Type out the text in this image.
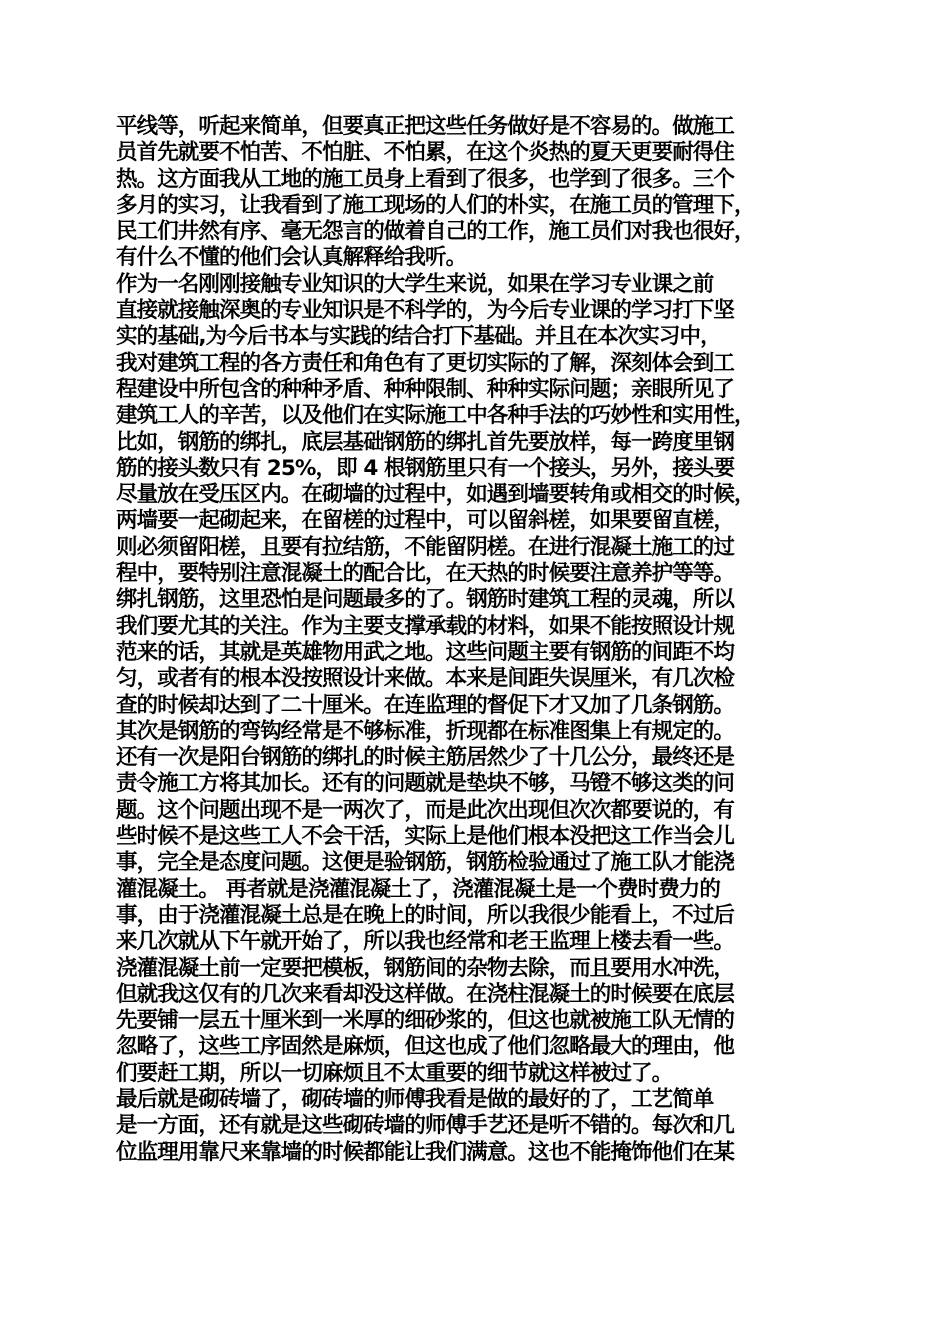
平线等，听起来简单，但要真正把这些任务做好是不容易的。做施工
员首先就要不怕苦、不怕脏、不怕累，在这个炎热的夏天更要耐得住
热。这方面我从工地的施工员身上看到了很多，也学到了很多。三个
多月的实习，让我看到了施工现场的人们的朴实，在施工员的管理下，
民工们井然有序、毫无怨言的做着自己的工作，施工员们对我也很好，
有什么不懂的他们会认真解释给我听。
作为一名刚刚接触专业知识的大学生来说，如果在学习专业课之前
直接就接触深奥的专业知识是不科学的，为今后专业课的学习打下坚
实的基础,为今后书本与实践的结合打下基础。并且在本次实习中，
我对建筑工程的各方责任和角色有了更切实际的了解，深刻体会到工
程建设中所包含的种种矛盾、种种限制、种种实际问题；亲眼所见了
建筑工人的辛苦，以及他们在实际施工中各种手法的巧妙性和实用性，
比如，钢筋的绑扎，底层基础钢筋的绑扎首先要放样，每一跨度里钢
筋的接头数只有 25%，即 4 根钢筋里只有一个接头，另外，接头要
尽量放在受压区内。在砌墙的过程中，如遇到墙要转角或相交的时候，
两墙要一起砌起来，在留槎的过程中，可以留斜槎，如果要留直槎，
则必须留阳槎，且要有拉结筋，不能留阴槎。在进行混凝土施工的过
程中，要特别注意混凝土的配合比，在天热的时候要注意养护等等。
绑扎钢筋，这里恐怕是问题最多的了。钢筋时建筑工程的灵魂，所以
我们要尤其的关注。作为主要支撑承载的材料，如果不能按照设计规
范来的话，其就是英雄物用武之地。这些问题主要有钢筋的间距不均
匀，或者有的根本没按照设计来做。本来是间距失误厘米，有几次检
查的时候却达到了二十厘米。在连监理的督促下才又加了几条钢筋。
其次是钢筋的弯钩经常是不够标准，折现都在标准图集上有规定的。
还有一次是阳台钢筋的绑扎的时候主筋居然少了十几公分，最终还是
责令施工方将其加长。还有的问题就是垫块不够，马镫不够这类的问
题。这个问题出现不是一两次了，而是此次出现但次次都要说的，有
些时候不是这些工人不会干活，实际上是他们根本没把这工作当会儿
事，完全是态度问题。这便是验钢筋，钢筋检验通过了施工队才能浇
灌混凝土。 再者就是浇灌混凝土了，浇灌混凝土是一个费时费力的
事，由于浇灌混凝土总是在晚上的时间，所以我很少能看上，不过后
来几次就从下午就开始了，所以我也经常和老王监理上楼去看一些。
浇灌混凝土前一定要把模板，钢筋间的杂物去除，而且要用水冲洗，
但就我这仅有的几次来看却没这样做。在浇柱混凝土的时候要在底层
先要铺一层五十厘米到一米厚的细砂浆的，但这也就被施工队无情的
忽略了，这些工序固然是麻烦，但这也成了他们忽略最大的理由，他
们要赶工期，所以一切麻烦且不太重要的细节就这样被过了。
最后就是砌砖墙了，砌砖墙的师傅我看是做的最好的了，工艺简单
是一方面，还有就是这些砌砖墙的师傅手艺还是听不错的。每次和几
位监理用靠尺来靠墙的时候都能让我们满意。这也不能掩饰他们在某
